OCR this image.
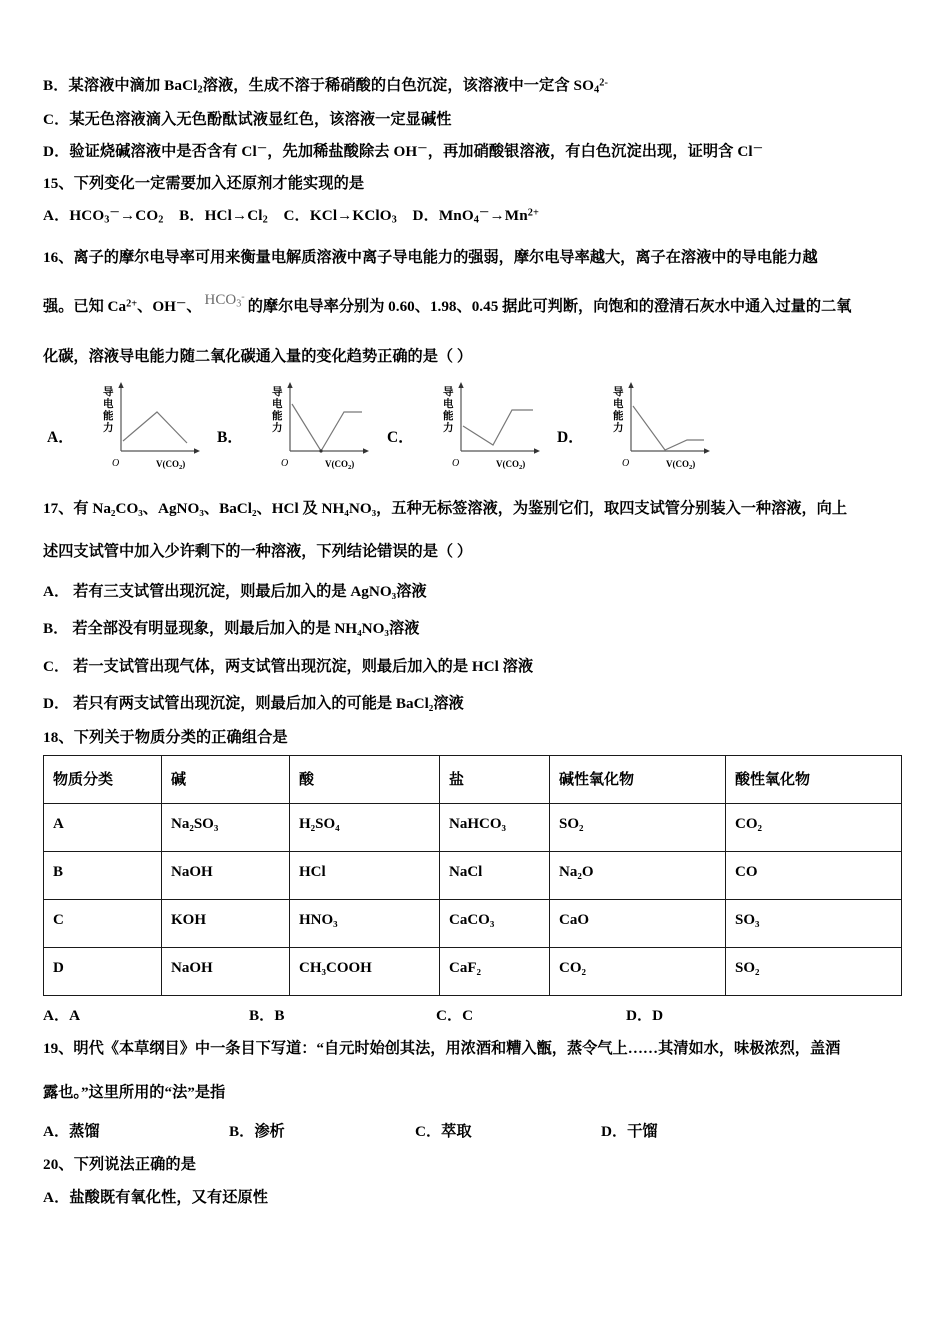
B．某溶液中滴加 BaCl$_2$溶液，生成不溶于稀硝酸的白色沉淀，该溶液中一定含 $SO_4^{2-}$
C．某无色溶液滴入无色酚酞试液显红色，该溶液一定显碱性
D．验证烧碱溶液中是否含有 Cl－，先加稀盐酸除去 OH－，再加硝酸银溶液，有白色沉淀出现，证明含 Cl－
15、下列变化一定需要加入还原剂才能实现的是
A．$HCO_3^-\to CO_2$ B．$HCl\to Cl_2$ C．KCl→KClO$_3$ D．$MnO_4^-\to Mn^{2+}$
16、离子的摩尔电导率可用来衡量电解质溶液中离子导电能力的强弱，摩尔电导率越大，离子在溶液中的导电能力越
强。已知 $Ca^{2+}$、OH－、 $HCO_3^-$的摩尔电导率分别为 0.60、1.98、0.45 据此可判断，向饱和的澄清石灰水中通入过量的二氧
化碳，溶液导电能力随二氧化碳通入量的变化趋势正确的是（ ）
A．
导
电
能
力
O	$V(CO_2)$
B．
导
电
能
力
O	$V(CO_2)$
C．
导
电
能
力
O	$V(CO_2)$
D．
导
电
能
力
O	$V(CO_2)$
17、有 Na₂CO₃、AgNO₃、BaCl₂、HCl 及 NH₄NO₃，五种无标签溶液，为鉴别它们，取四支试管分别装入一种溶液，向上
述四支试管中加入少许剩下的一种溶液，下列结论错误的是（ ）
A． 若有三支试管出现沉淀，则最后加入的是 AgNO₃溶液
B． 若全部没有明显现象，则最后加入的是 NH₄NO₃溶液
C． 若一支试管出现气体，两支试管出现沉淀，则最后加入的是 HCl 溶液
D． 若只有两支试管出现沉淀，则最后加入的可能是 BaCl₂溶液
18、下列关于物质分类的正确组合是
物质分类	碱	酸	盐	碱性氧化物	酸性氧化物
A	Na₂SO₃	H₂SO₄	NaHCO₃	SO₂	CO₂
B	NaOH	HCl	NaCl	Na₂O	CO
C	KOH	HNO₃	CaCO₃	CaO	SO₃
D	NaOH	CH₃COOH	CaF₂	CO₂	SO₂
A．A	B．B	C．C	D．D
19、明代《本草纲目》中一条目下写道：“自元时始创其法，用浓酒和糟入甑，蒸令气上……其清如水，味极浓烈，盖酒
露也。”这里所用的“法”是指
A．蒸馏	B．渗析	C．萃取	D．干馏
20、下列说法正确的是
A．盐酸既有氧化性，又有还原性
